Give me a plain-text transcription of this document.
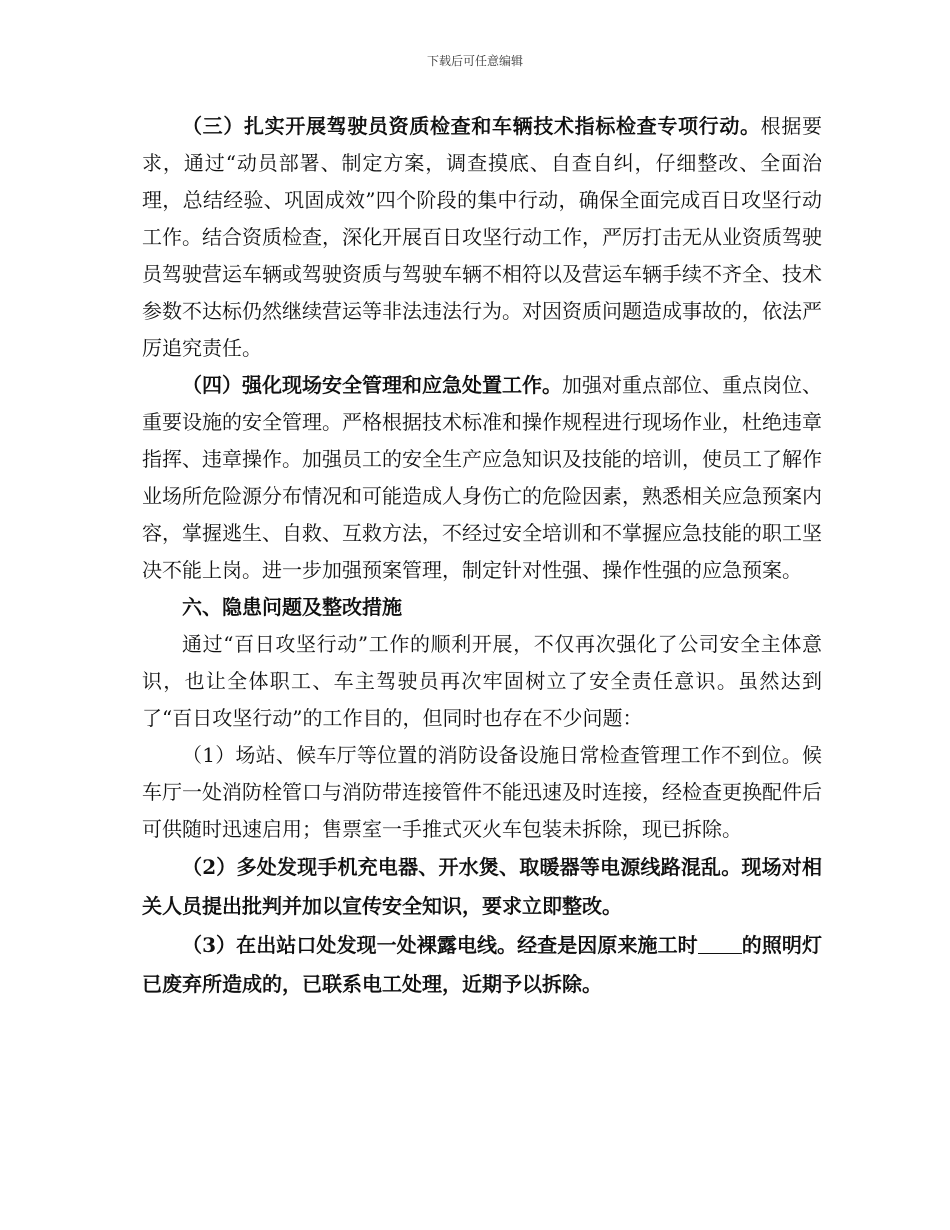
下载后可任意编辑

（三）扎实开展驾驶员资质检查和车辆技术指标检查专项行动。根据要求，通过“动员部署、制定方案，调查摸底、自查自纠，仔细整改、全面治理，总结经验、巩固成效”四个阶段的集中行动，确保全面完成百日攻坚行动工作。结合资质检查，深化开展百日攻坚行动工作，严厉打击无从业资质驾驶员驾驶营运车辆或驾驶资质与驾驶车辆不相符以及营运车辆手续不齐全、技术参数不达标仍然继续营运等非法违法行为。对因资质问题造成事故的，依法严厉追究责任。

（四）强化现场安全管理和应急处置工作。加强对重点部位、重点岗位、重要设施的安全管理。严格根据技术标准和操作规程进行现场作业，杜绝违章指挥、违章操作。加强员工的安全生产应急知识及技能的培训，使员工了解作业场所危险源分布情况和可能造成人身伤亡的危险因素，熟悉相关应急预案内容，掌握逃生、自救、互救方法，不经过安全培训和不掌握应急技能的职工坚决不能上岗。进一步加强预案管理，制定针对性强、操作性强的应急预案。

六、隐患问题及整改措施

通过“百日攻坚行动”工作的顺利开展，不仅再次强化了公司安全主体意识，也让全体职工、车主驾驶员再次牢固树立了安全责任意识。虽然达到了“百日攻坚行动”的工作目的，但同时也存在不少问题：

（1）场站、候车厅等位置的消防设备设施日常检查管理工作不到位。候车厅一处消防栓管口与消防带连接管件不能迅速及时连接，经检查更换配件后可供随时迅速启用；售票室一手推式灭火车包装未拆除，现已拆除。

（2）多处发现手机充电器、开水煲、取暖器等电源线路混乱。现场对相关人员提出批判并加以宣传安全知识，要求立即整改。

（3）在出站口处发现一处裸露电线。经查是因原来施工时 的照明灯已废弃所造成的，已联系电工处理，近期予以拆除。
